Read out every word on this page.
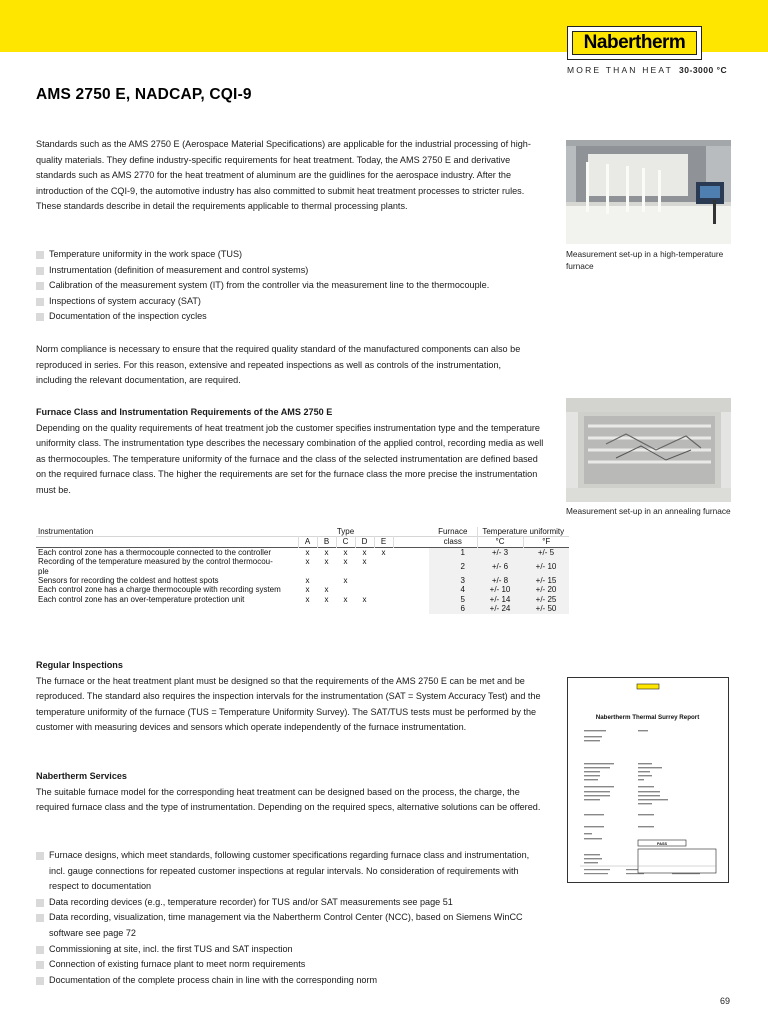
Nabertherm
MORE THAN HEAT 30-3000 °C
AMS 2750 E, NADCAP, CQI-9

Standards such as the AMS 2750 E (Aerospace Material Specifications) are applicable for the industrial processing of high-quality materials. They define industry-specific requirements for heat treatment. Today, the AMS 2750 E and derivative standards such as AMS 2770 for the heat treatment of aluminum are the guidlines for the aerospace industry. After the introduction of the CQI-9, the automotive industry has also committed to submit heat treatment processes to stricter rules. These standards describe in detail the requirements applicable to thermal processing plants.

Temperature uniformity in the work space (TUS)
Instrumentation (definition of measurement and control systems)
Calibration of the measurement system (IT) from the controller via the measurement line to the thermocouple.
Inspections of system accuracy (SAT)
Documentation of the inspection cycles

Norm compliance is necessary to ensure that the required quality standard of the manufactured components can also be reproduced in series. For this reason, extensive and repeated inspections as well as controls of the instrumentation, including the relevant documentation, are required.

Furnace Class and Instrumentation Requirements of the AMS 2750 E

Depending on the quality requirements of heat treatment job the customer specifies instrumentation type and the temperature uniformity class. The instrumentation type describes the necessary combination of the applied control, recording media as well as thermocouples. The temperature uniformity of the furnace and the class of the selected instrumentation are defined based on the required furnace class. The higher the requirements are set for the furnace class the more precise the instrumentation must be.

Instrumentation	Type						Furnace	Temperature uniformity	
	A	B	C	D	E		class	°C	°F
Each control zone has a thermocouple connected to the controller	x	x	x	x	x		1	+/- 3	+/- 5
Recording of the temperature measured by the control thermocou-	x	x	x	x			2	+/- 6	+/- 10
ple									
Sensors for recording the coldest and hottest spots	x		x				3	+/- 8	+/- 15
Each control zone has a charge thermocouple with recording system	x	x					4	+/- 10	+/- 20
Each control zone has an over-temperature protection unit	x	x	x	x			5	+/- 14	+/- 25
							6	+/- 24	+/- 50

Regular Inspections

The furnace or the heat treatment plant must be designed so that the requirements of the AMS 2750 E can be met and be reproduced. The standard also requires the inspection intervals for the instrumentation (SAT = System Accuracy Test) and the temperature uniformity of the furnace (TUS = Temperature Uniformity Survey). The SAT/TUS tests must be performed by the customer with measuring devices and sensors which operate independently of the furnace instrumentation.

Nabertherm Services

The suitable furnace model for the corresponding heat treatment can be designed based on the process, the charge, the required furnace class and the type of instrumentation. Depending on the required specs, alternative solutions can be offered.

Furnace designs, which meet standards, following customer specifications regarding furnace class and instrumentation, incl. gauge connections for repeated customer inspections at regular intervals. No consideration of requirements with respect to documentation
Data recording devices (e.g., temperature recorder) for TUS and/or SAT measurements see page 51
Data recording, visualization, time management via the Nabertherm Control Center (NCC), based on Siemens WinCC software see page 72
Commissioning at site, incl. the first TUS and SAT inspection
Connection of existing furnace plant to meet norm requirements
Documentation of the complete process chain in line with the corresponding norm

Measurement set-up in a high-temperature furnace

Measurement set-up in an annealing furnace

Nabertherm Thermal Surrey Report
PASS
69
